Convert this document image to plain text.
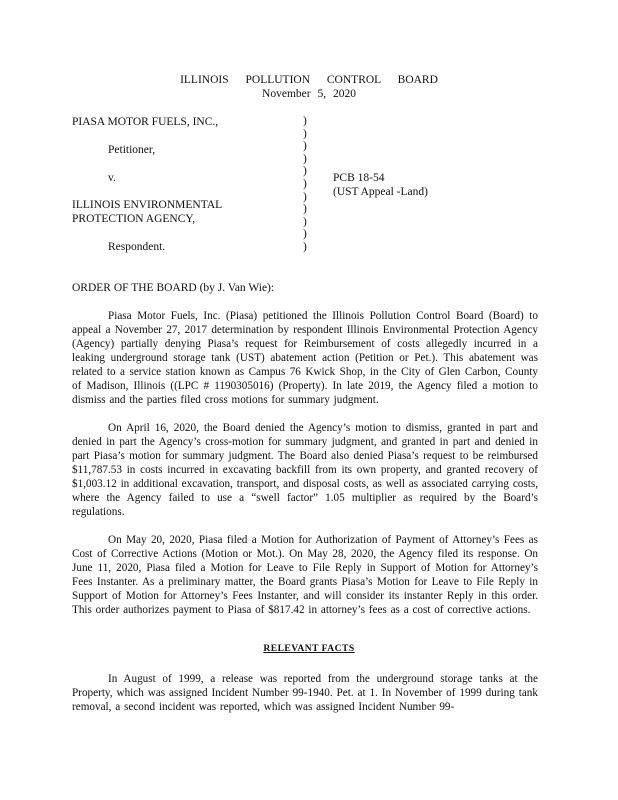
ILLINOIS POLLUTION CONTROL BOARD
November 5, 2020
PIASA MOTOR FUELS, INC.,
Petitioner,
v.
ILLINOIS ENVIRONMENTAL
PROTECTION AGENCY,
Respondent.
)
)
)
)
)
)
)
)
)
)
)
PCB 18-54
(UST Appeal -Land)
ORDER OF THE BOARD (by J. Van Wie):

Piasa Motor Fuels, Inc. (Piasa) petitioned the Illinois Pollution Control Board (Board) to appeal a November 27, 2017 determination by respondent Illinois Environmental Protection Agency (Agency) partially denying Piasa’s request for Reimbursement of costs allegedly incurred in a leaking underground storage tank (UST) abatement action (Petition or Pet.). This abatement was related to a service station known as Campus 76 Kwick Shop, in the City of Glen Carbon, County of Madison, Illinois ((LPC # 1190305016) (Property). In late 2019, the Agency filed a motion to dismiss and the parties filed cross motions for summary judgment.

On April 16, 2020, the Board denied the Agency’s motion to dismiss, granted in part and denied in part the Agency’s cross-motion for summary judgment, and granted in part and denied in part Piasa’s motion for summary judgment. The Board also denied Piasa’s request to be reimbursed $11,787.53 in costs incurred in excavating backfill from its own property, and granted recovery of $1,003.12 in additional excavation, transport, and disposal costs, as well as associated carrying costs, where the Agency failed to use a “swell factor” 1.05 multiplier as required by the Board’s regulations.

On May 20, 2020, Piasa filed a Motion for Authorization of Payment of Attorney’s Fees as Cost of Corrective Actions (Motion or Mot.). On May 28, 2020, the Agency filed its response. On June 11, 2020, Piasa filed a Motion for Leave to File Reply in Support of Motion for Attorney’s Fees Instanter. As a preliminary matter, the Board grants Piasa’s Motion for Leave to File Reply in Support of Motion for Attorney’s Fees Instanter, and will consider its instanter Reply in this order. This order authorizes payment to Piasa of $817.42 in attorney’s fees as a cost of corrective actions.

RELEVANT FACTS

In August of 1999, a release was reported from the underground storage tanks at the Property, which was assigned Incident Number 99-1940. Pet. at 1. In November of 1999 during tank removal, a second incident was reported, which was assigned Incident Number 99-
